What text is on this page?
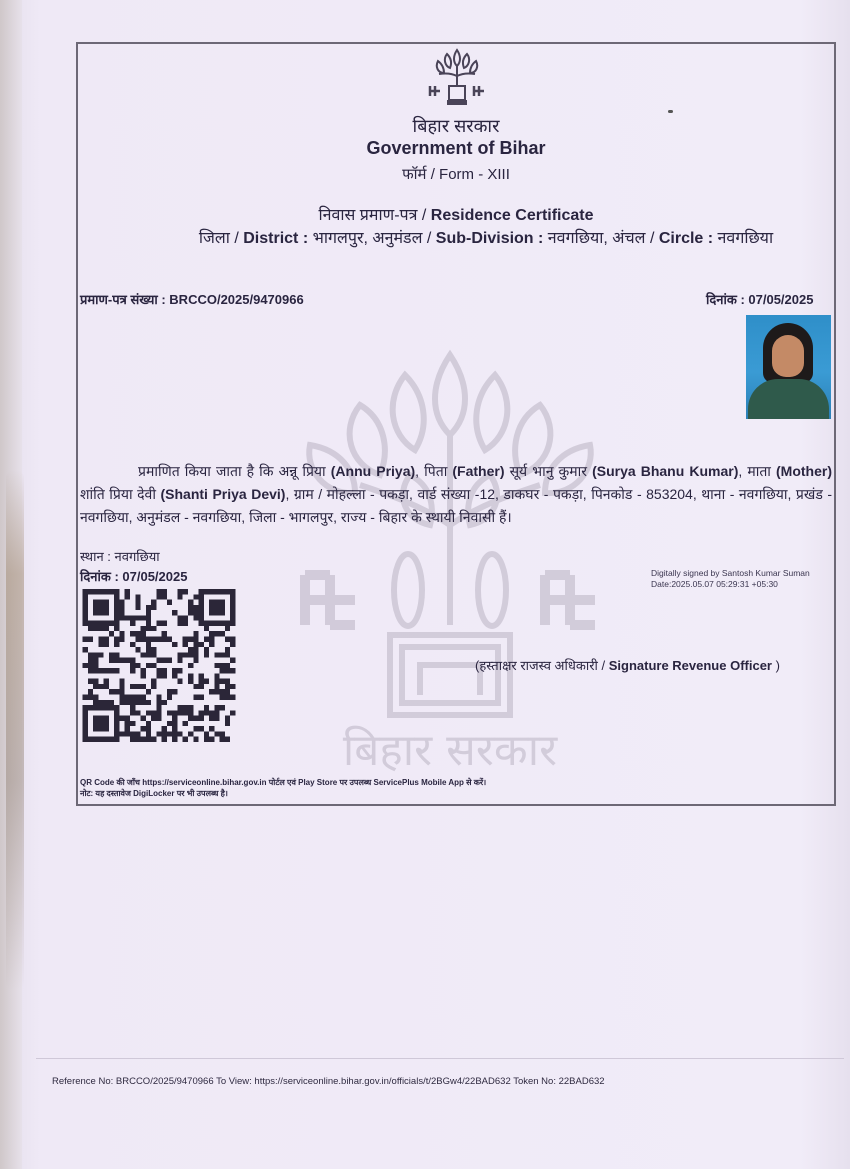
बिहार सरकार
बिहार सरकार
Government of Bihar
फॉर्म / Form - XIII
निवास प्रमाण-पत्र / Residence Certificate
जिला / District : भागलपुर, अनुमंडल / Sub-Division : नवगछिया, अंचल / Circle : नवगछिया
प्रमाण-पत्र संख्या : BRCCO/2025/9470966	दिनांक : 07/05/2025
प्रमाणित किया जाता है कि अन्नू प्रिया (Annu Priya), पिता (Father) सूर्य भानु कुमार (Surya Bhanu Kumar), माता (Mother) शांति प्रिया देवी (Shanti Priya Devi), ग्राम / मोहल्ला - पकड़ा, वार्ड संख्या -12, डाकघर - पकड़ा, पिनकोड - 853204, थाना - नवगछिया, प्रखंड - नवगछिया, अनुमंडल - नवगछिया, जिला - भागलपुर, राज्य - बिहार के स्थायी निवासी हैं।
स्थान : नवगछिया
दिनांक : 07/05/2025	Digitally signed by Santosh Kumar Suman
Date:2025.05.07 05:29:31 +05:30
(हस्ताक्षर राजस्व अधिकारी / Signature Revenue Officer )
QR Code की जाँच https://serviceonline.bihar.gov.in पोर्टल एवं Play Store पर उपलब्ध ServicePlus Mobile App से करें।
नोट: यह दस्तावेज DigiLocker पर भी उपलब्ध है।
Reference No: BRCCO/2025/9470966 To View: https://serviceonline.bihar.gov.in/officials/t/2BGw4/22BAD632 Token No: 22BAD632
